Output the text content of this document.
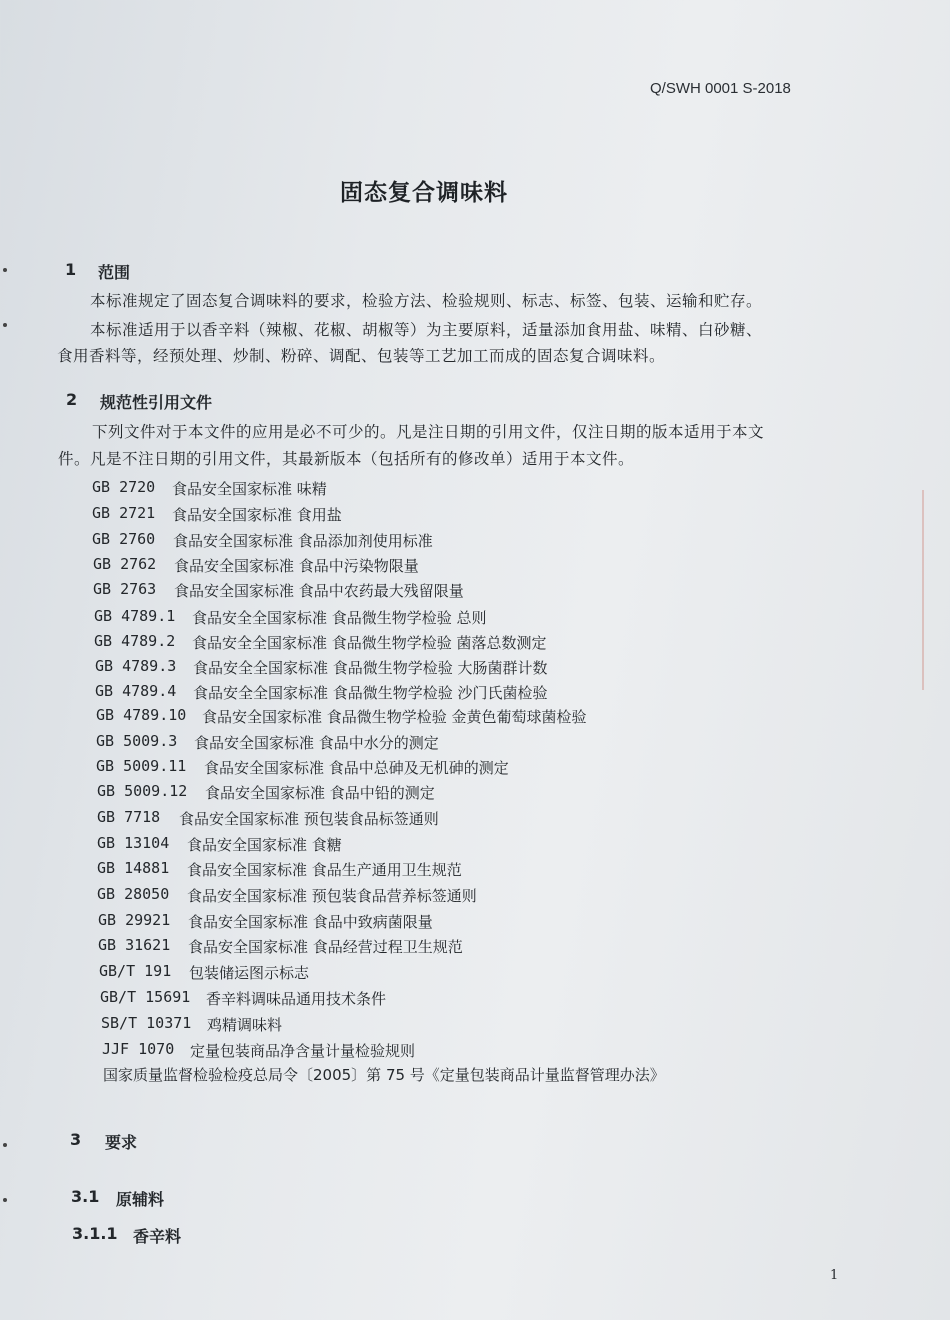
Q/SWH 0001 S-2018
固态复合调味料
1 范围
本标准规定了固态复合调味料的要求，检验方法、检验规则、标志、标签、包装、运输和贮存。
本标准适用于以香辛料（辣椒、花椒、胡椒等）为主要原料，适量添加食用盐、味精、白砂糖、
食用香料等，经预处理、炒制、粉碎、调配、包装等工艺加工而成的固态复合调味料。
2 规范性引用文件
下列文件对于本文件的应用是必不可少的。凡是注日期的引用文件，仅注日期的版本适用于本文
件。凡是不注日期的引用文件，其最新版本（包括所有的修改单）适用于本文件。
GB 2720 食品安全国家标准 味精
GB 2721 食品安全国家标准 食用盐
GB 2760 食品安全国家标准 食品添加剂使用标准
GB 2762 食品安全国家标准 食品中污染物限量
GB 2763 食品安全国家标准 食品中农药最大残留限量
GB 4789.1 食品安全全国家标准 食品微生物学检验 总则
GB 4789.2 食品安全全国家标准 食品微生物学检验 菌落总数测定
GB 4789.3 食品安全全国家标准 食品微生物学检验 大肠菌群计数
GB 4789.4 食品安全全国家标准 食品微生物学检验 沙门氏菌检验
GB 4789.10 食品安全国家标准 食品微生物学检验 金黄色葡萄球菌检验
GB 5009.3 食品安全国家标准 食品中水分的测定
GB 5009.11 食品安全国家标准 食品中总砷及无机砷的测定
GB 5009.12 食品安全国家标准 食品中铅的测定
GB 7718 食品安全国家标准 预包装食品标签通则
GB 13104 食品安全国家标准 食糖
GB 14881 食品安全国家标准 食品生产通用卫生规范
GB 28050 食品安全国家标准 预包装食品营养标签通则
GB 29921 食品安全国家标准 食品中致病菌限量
GB 31621 食品安全国家标准 食品经营过程卫生规范
GB/T 191 包装储运图示标志
GB/T 15691 香辛料调味品通用技术条件
SB/T 10371 鸡精调味料
JJF 1070 定量包装商品净含量计量检验规则
国家质量监督检验检疫总局令〔2005〕第 75 号《定量包装商品计量监督管理办法》
3 要求
3.1 原辅料
3.1.1 香辛料
1
